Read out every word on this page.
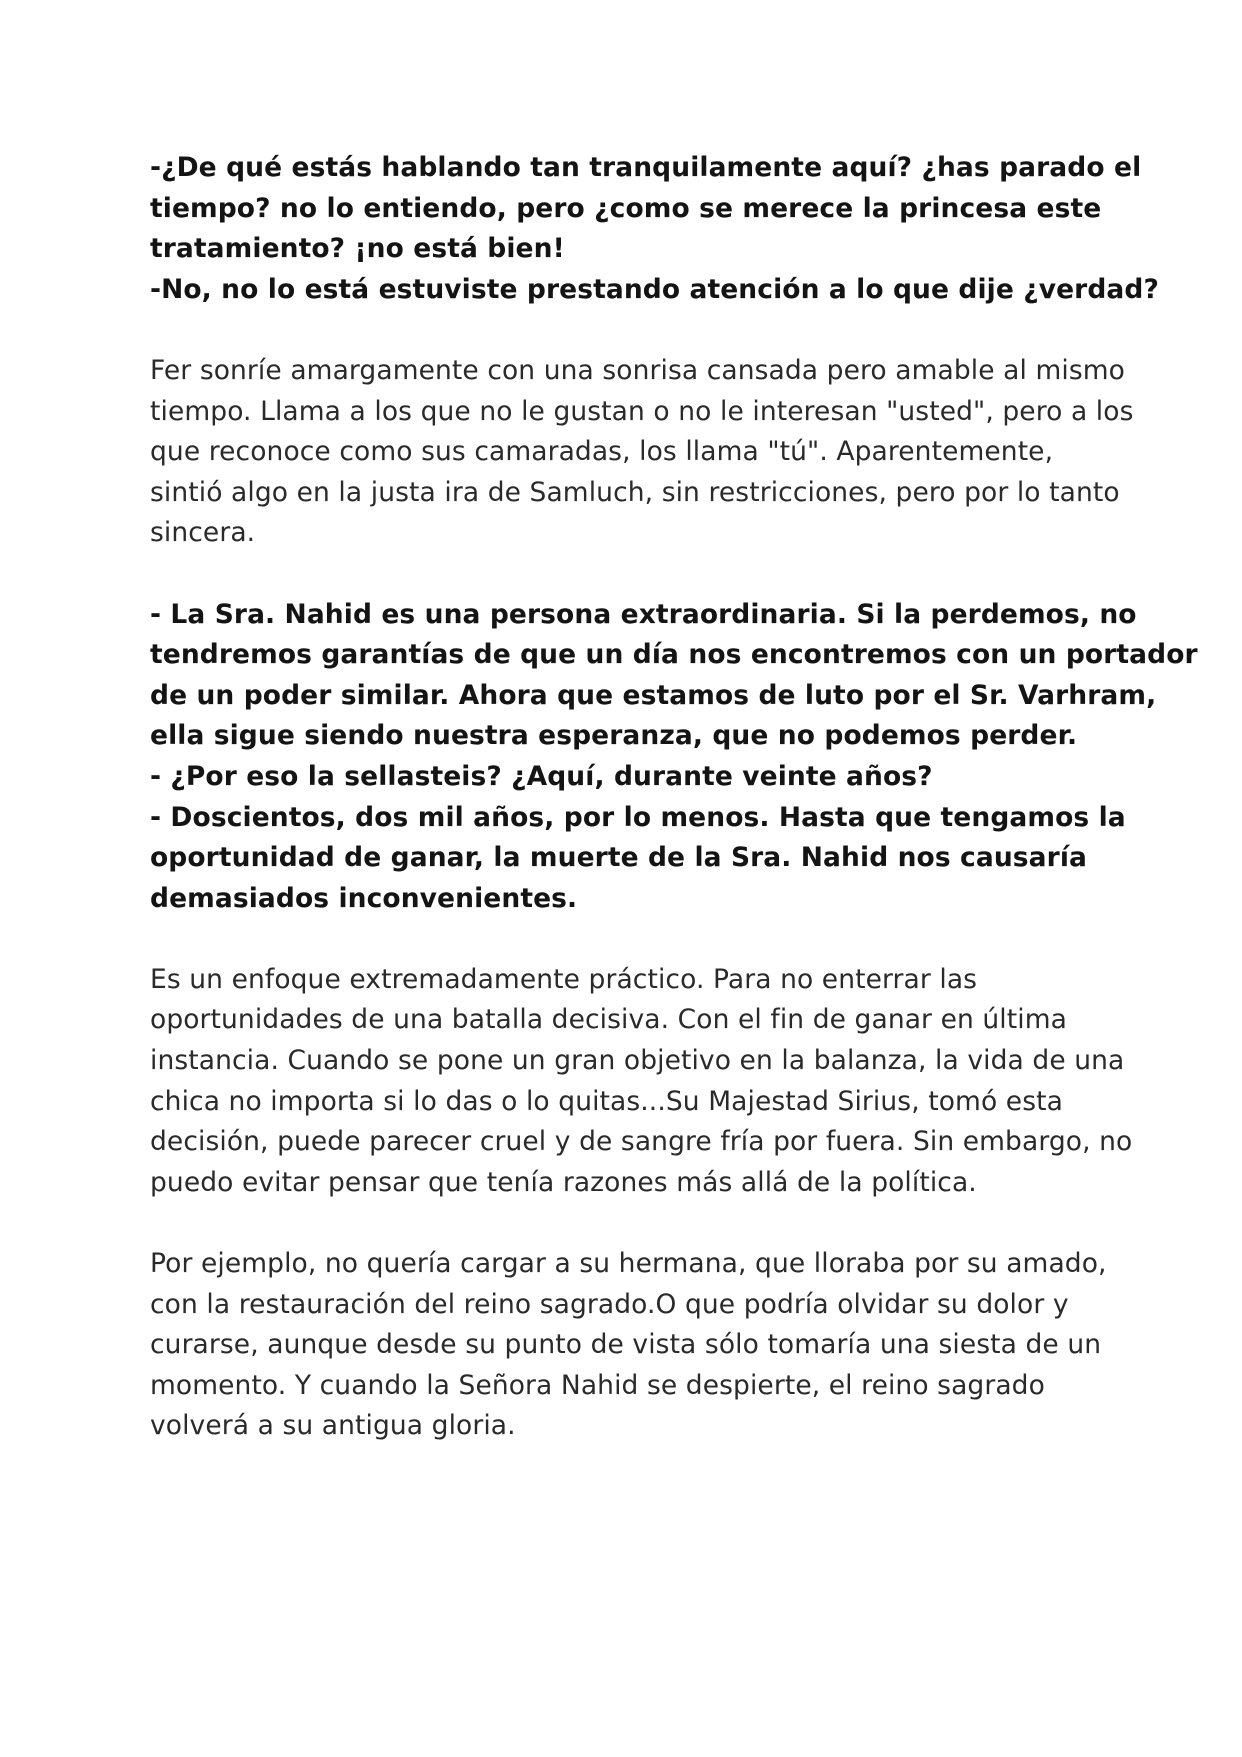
-¿De qué estás hablando tan tranquilamente aquí? ¿has parado el
tiempo? no lo entiendo, pero ¿como se merece la princesa este
tratamiento? ¡no está bien!
-No, no lo está estuviste prestando atención a lo que dije ¿verdad?
Fer sonríe amargamente con una sonrisa cansada pero amable al mismo
tiempo. Llama a los que no le gustan o no le interesan "usted", pero a los
que reconoce como sus camaradas, los llama "tú". Aparentemente,
sintió algo en la justa ira de Samluch, sin restricciones, pero por lo tanto
sincera.
- La Sra. Nahid es una persona extraordinaria. Si la perdemos, no
tendremos garantías de que un día nos encontremos con un portador
de un poder similar. Ahora que estamos de luto por el Sr. Varhram,
ella sigue siendo nuestra esperanza, que no podemos perder.
- ¿Por eso la sellasteis? ¿Aquí, durante veinte años?
- Doscientos, dos mil años, por lo menos. Hasta que tengamos la
oportunidad de ganar, la muerte de la Sra. Nahid nos causaría
demasiados inconvenientes.
Es un enfoque extremadamente práctico. Para no enterrar las
oportunidades de una batalla decisiva. Con el fin de ganar en última
instancia. Cuando se pone un gran objetivo en la balanza, la vida de una
chica no importa si lo das o lo quitas...Su Majestad Sirius, tomó esta
decisión, puede parecer cruel y de sangre fría por fuera. Sin embargo, no
puedo evitar pensar que tenía razones más allá de la política.
Por ejemplo, no quería cargar a su hermana, que lloraba por su amado,
con la restauración del reino sagrado.O que podría olvidar su dolor y
curarse, aunque desde su punto de vista sólo tomaría una siesta de un
momento. Y cuando la Señora Nahid se despierte, el reino sagrado
volverá a su antigua gloria.
